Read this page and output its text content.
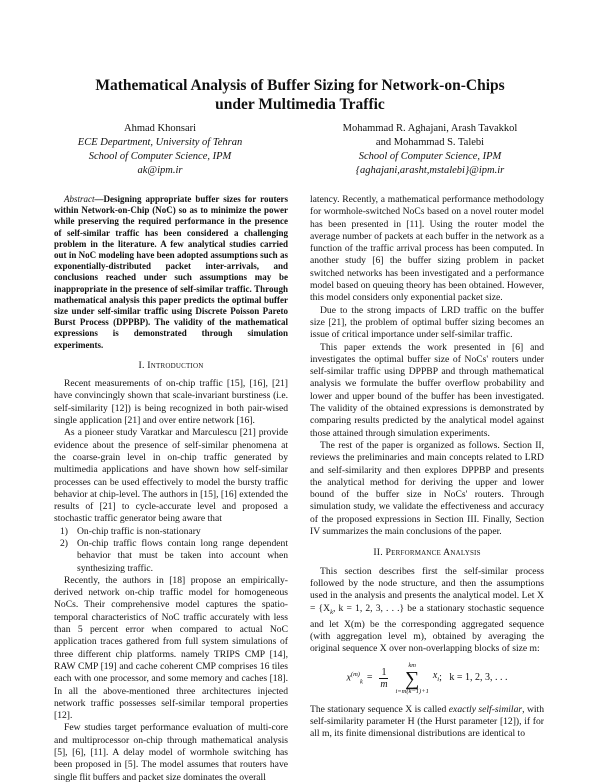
Mathematical Analysis of Buffer Sizing for Network-on-Chips
under Multimedia Traffic
Ahmad Khonsari
ECE Department, University of Tehran
School of Computer Science, IPM
ak@ipm.ir
Mohammad R. Aghajani, Arash Tavakkol
and Mohammad S. Talebi
School of Computer Science, IPM
{aghajani,arasht,mstalebi}@ipm.ir

Abstract—Designing appropriate buffer sizes for routers within Network-on-Chip (NoC) so as to minimize the power while preserving the required performance in the presence of self-similar traffic has been considered a challenging problem in the literature. A few analytical studies carried out in NoC modeling have been adopted assumptions such as exponentially-distributed packet inter-arrivals, and conclusions reached under such assumptions may be inappropriate in the presence of self-similar traffic. Through mathematical analysis this paper predicts the optimal buffer size under self-similar traffic using Discrete Poisson Pareto Burst Process (DPPBP). The validity of the mathematical expressions is demonstrated through simulation experiments.

I. Introduction

Recent measurements of on-chip traffic [15], [16], [21] have convincingly shown that scale-invariant burstiness (i.e. self-similarity [12]) is being recognized in both pair-wised single application [21] and over entire network [16].

As a pioneer study Varatkar and Marculescu [21] provide evidence about the presence of self-similar phenomena at the coarse-grain level in on-chip traffic generated by multimedia applications and have shown how self-similar processes can be used effectively to model the bursty traffic behavior at chip-level. The authors in [15], [16] extended the results of [21] to cycle-accurate level and proposed a stochastic traffic generator being aware that

1) On-chip traffic is non-stationary
2) On-chip traffic flows contain long range dependent behavior that must be taken into account when synthesizing traffic.

Recently, the authors in [18] propose an empirically-derived network on-chip traffic model for homogeneous NoCs. Their comprehensive model captures the spatio-temporal characteristics of NoC traffic accurately with less than 5 percent error when compared to actual NoC application traces gathered from full system simulations of three different chip platforms. namely TRIPS CMP [14], RAW CMP [19] and cache coherent CMP comprises 16 tiles each with one processor, and some memory and caches [18]. In all the above-mentioned three architectures injected network traffic possesses self-similar temporal properties [12].

Few studies target performance evaluation of multi-core and multiprocessor on-chip through mathematical analysis [5], [6], [11]. A delay model of wormhole switching has been proposed in [5]. The model assumes that routers have single flit buffers and packet size dominates the overall

latency. Recently, a mathematical performance methodology for wormhole-switched NoCs based on a novel router model has been presented in [11]. Using the router model the average number of packets at each buffer in the network as a function of the traffic arrival process has been computed. In another study [6] the buffer sizing problem in packet switched networks has been investigated and a performance model based on queuing theory has been obtained. However, this model considers only exponential packet size.

Due to the strong impacts of LRD traffic on the buffer size [21], the problem of optimal buffer sizing becomes an issue of critical importance under self-similar traffic.

This paper extends the work presented in [6] and investigates the optimal buffer size of NoCs' routers under self-similar traffic using DPPBP and through mathematical analysis we formulate the buffer overflow probability and lower and upper bound of the buffer has been investigated. The validity of the obtained expressions is demonstrated by comparing results predicted by the analytical model against those attained through simulation experiments.

The rest of the paper is organized as follows. Section II, reviews the preliminaries and main concepts related to LRD and self-similarity and then explores DPPBP and presents the analytical method for deriving the upper and lower bound of the buffer size in NoCs' routers. Through simulation study, we validate the effectiveness and accuracy of the proposed expressions in Section III. Finally, Section IV summarizes the main conclusions of the paper.

II. Performance Analysis

This section describes first the self-similar process followed by the node structure, and then the assumptions used in the analysis and presents the analytical model. Let $X = \{X_k$, k = 1, 2, 3, . . .} be a stationary stochastic sequence and let X(m) be the corresponding aggregated sequence (with aggregation level m), obtained by averaging the original sequence X over non-overlapping blocks of size m:

$x^{(m)}_k = \frac{1}{m}$
km
∑
i=m(k−1)+1
$x_i$ ;   k = 1, 2, 3, . . .

The stationary sequence X is called exactly self-similar, with self-similarity parameter H (the Hurst parameter [12]), if for all m, its finite dimensional distributions are identical to
